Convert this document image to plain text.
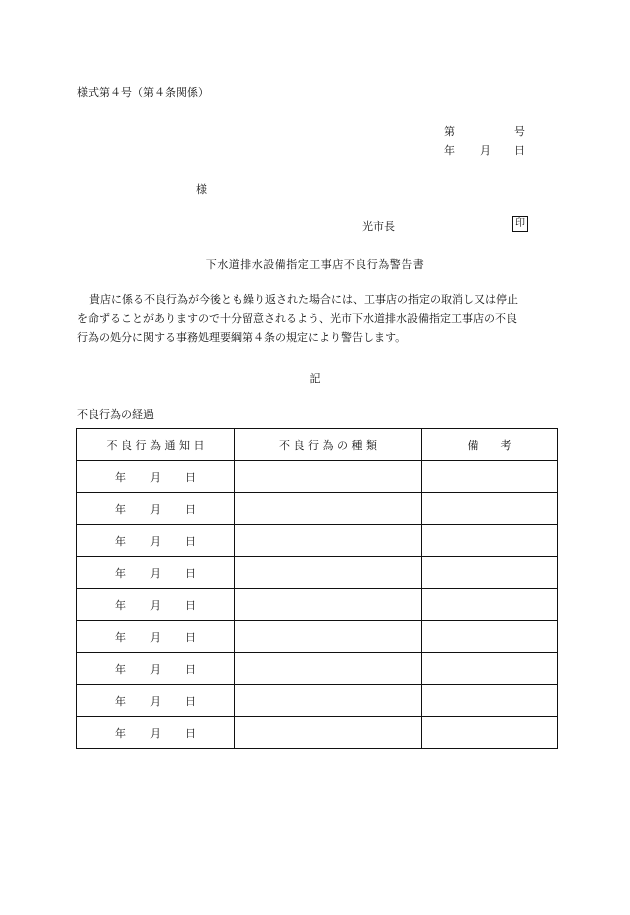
様式第４号（第４条関係）
第	号
年 月 日
様
光市長	印
下水道排水設備指定工事店不良行為警告書
貴店に係る不良行為が今後とも繰り返された場合には、工事店の指定の取消し又は停止
を命ずることがありますので十分留意されるよう、光市下水道排水設備指定工事店の不良
行為の処分に関する事務処理要綱第４条の規定により警告します。
記
不良行為の経過
不 良 行 為 通 知 日	不 良 行 為 の 種 類	備　　考
年 月 日		
年 月 日		
年 月 日		
年 月 日		
年 月 日		
年 月 日		
年 月 日		
年 月 日		
年 月 日		
